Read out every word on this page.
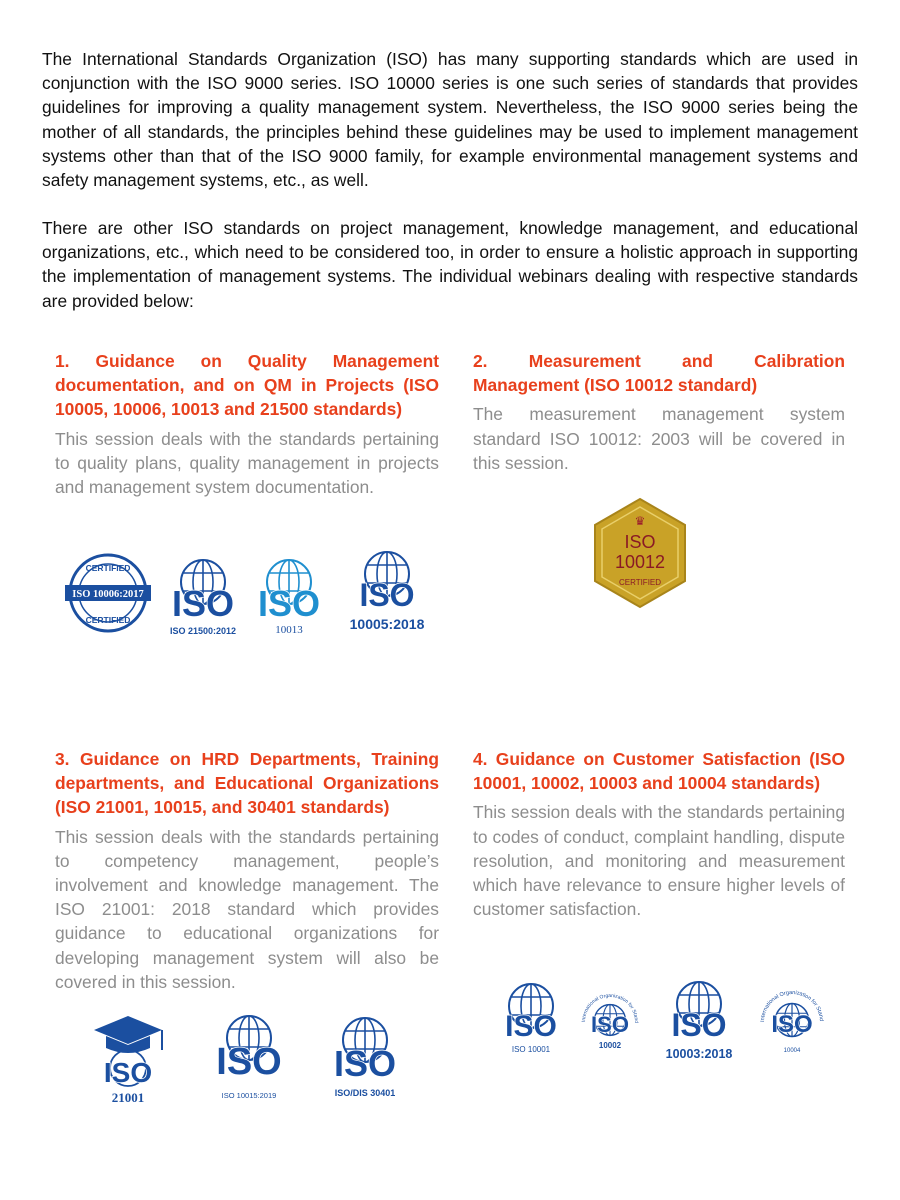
The International Standards Organization (ISO) has many supporting standards which are used in conjunction with the ISO 9000 series. ISO 10000 series is one such series of standards that provides guidelines for improving a quality management system. Nevertheless, the ISO 9000 series being the mother of all standards, the principles behind these guidelines may be used to implement management systems other than that of the ISO 9000 family, for example environmental management systems and safety management systems, etc., as well.

There are other ISO standards on project management, knowledge management, and educational organizations, etc., which need to be considered too, in order to ensure a holistic approach in supporting the implementation of management systems. The individual webinars dealing with respective standards are provided below:

1. Guidance on Quality Management documentation, and on QM in Projects (ISO 10005, 10006, 10013 and 21500 standards)

This session deals with the standards pertaining to quality plans, quality management in projects and management system documentation.

2. Measurement and Calibration Management (ISO 10012 standard)

The measurement management system standard ISO 10012: 2003 will be covered in this session.

3. Guidance on HRD Departments, Training departments, and Educational Organizations (ISO 21001, 10015, and 30401 standards)

This session deals with the standards pertaining to competency management, people’s involvement and knowledge management. The ISO 21001: 2018 standard which provides guidance to educational organizations for developing management system will also be covered in this session.

4. Guidance on Customer Satisfaction (ISO 10001, 10002, 10003 and 10004 standards)

This session deals with the standards pertaining to codes of conduct, complaint handling, dispute resolution, and monitoring and measurement which have relevance to ensure higher levels of customer satisfaction.

CERTIFIED
CERTIFIED
ISO 10006:2017 ISO
ISO 21500:2012
ISO
10013
ISO
10005:2018
♛
ISO
10012
CERTIFIED
ISO
21001
ISO
ISO 10015:2019
ISO
ISO/DIS 30401
ISO
ISO 10001
International Organization for Standardization
ISO
10002
ISO
10003:2018
International Organization for Standardization
ISO
10004
